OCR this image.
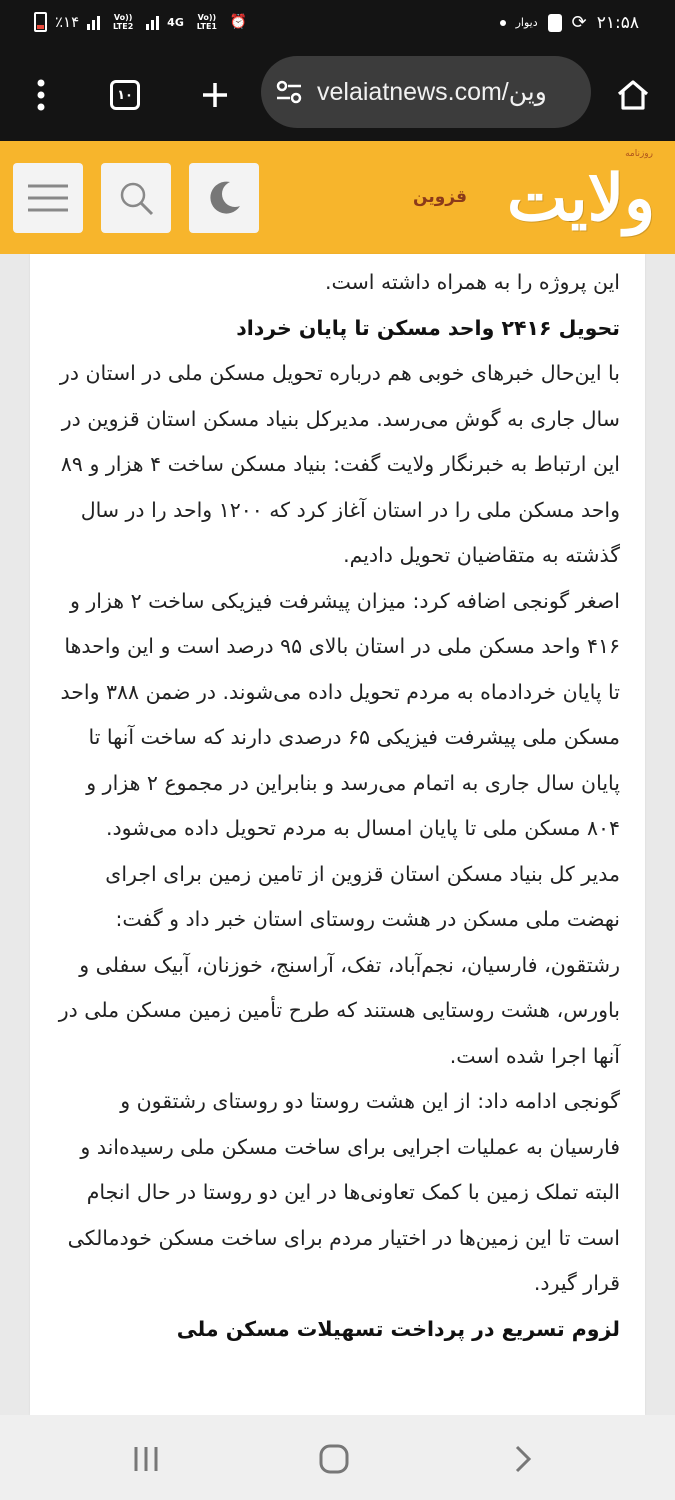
٪۱۴	Vo)) LTE2	4G	Vo)) LTE1 ⏰	دیوار ⟳ ۲۱:۵۸
۱۰	velaiatnews.com/وین
روزنامه
ولایت
قزوین

این پروژه را به همراه داشته است.

تحویل ۲۴۱۶ واحد مسکن تا پایان خرداد

با این‌حال خبرهای خوبی هم درباره تحویل مسکن ملی در استان در سال جاری به گوش می‌رسد. مدیرکل بنیاد مسکن استان قزوین در این ارتباط به خبرنگار ولایت گفت: بنیاد مسکن ساخت ۴ هزار و ۸۹ واحد مسکن ملی را در استان آغاز کرد که ۱۲۰۰ واحد را در سال گذشته به متقاضیان تحویل دادیم.

اصغر گونجی اضافه کرد: میزان پیشرفت فیزیکی ساخت ۲ هزار و ۴۱۶ واحد مسکن ملی در استان بالای ۹۵ درصد است و این واحدها تا پایان خردادماه به مردم تحویل داده می‌شوند. در ضمن ۳۸۸ واحد مسکن ملی پیشرفت فیزیکی ۶۵ درصدی دارند که ساخت آنها تا پایان سال جاری به اتمام می‌رسد و بنابراین در مجموع ۲ هزار و ۸۰۴ مسکن ملی تا پایان امسال به مردم تحویل داده می‌شود.

مدیر کل بنیاد مسکن استان قزوین از تامین زمین برای اجرای نهضت ملی مسکن در هشت روستای استان خبر داد و گفت: رشتقون، فارسیان، نجم‌آباد، تفک، آراسنج، خوزنان، آبیک سفلی و باورس، هشت روستایی هستند که طرح تأمین زمین مسکن ملی در آنها اجرا شده است.

گونجی ادامه داد: از این هشت روستا دو روستای رشتقون و فارسیان به عملیات اجرایی برای ساخت مسکن ملی رسیده‌اند و البته تملک زمین با کمک تعاونی‌ها در این دو روستا در حال انجام است تا این زمین‌ها در اختیار مردم برای ساخت مسکن خودمالکی قرار گیرد.

لزوم تسریع در پرداخت تسهیلات مسکن ملی
